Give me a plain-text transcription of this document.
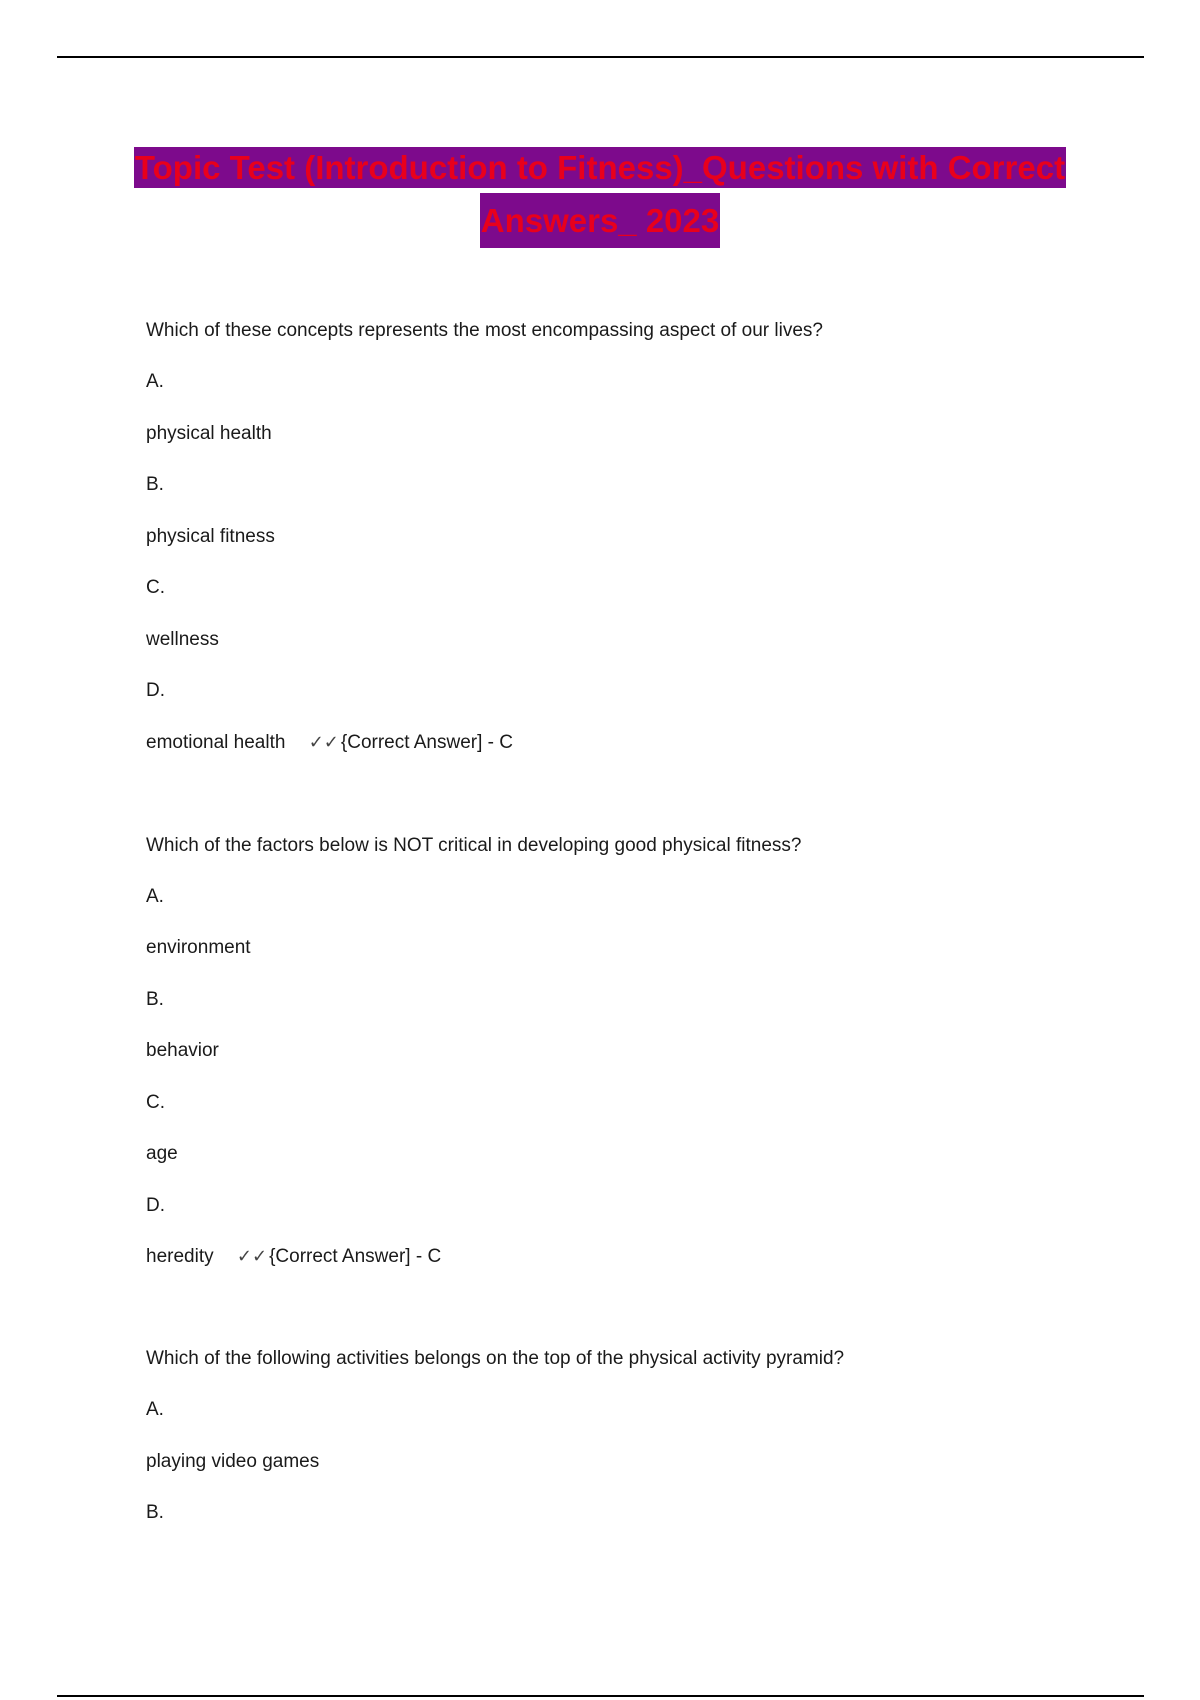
Topic Test (Introduction to Fitness)_Questions with Correct
Answers_ 2023
Which of these concepts represents the most encompassing aspect of our lives?
A.
physical health
B.
physical fitness
C.
wellness
D.
emotional health ✓✓ {Correct Answer] - C
Which of the factors below is NOT critical in developing good physical fitness?
A.
environment
B.
behavior
C.
age
D.
heredity ✓✓ {Correct Answer] - C
Which of the following activities belongs on the top of the physical activity pyramid?
A.
playing video games
B.
